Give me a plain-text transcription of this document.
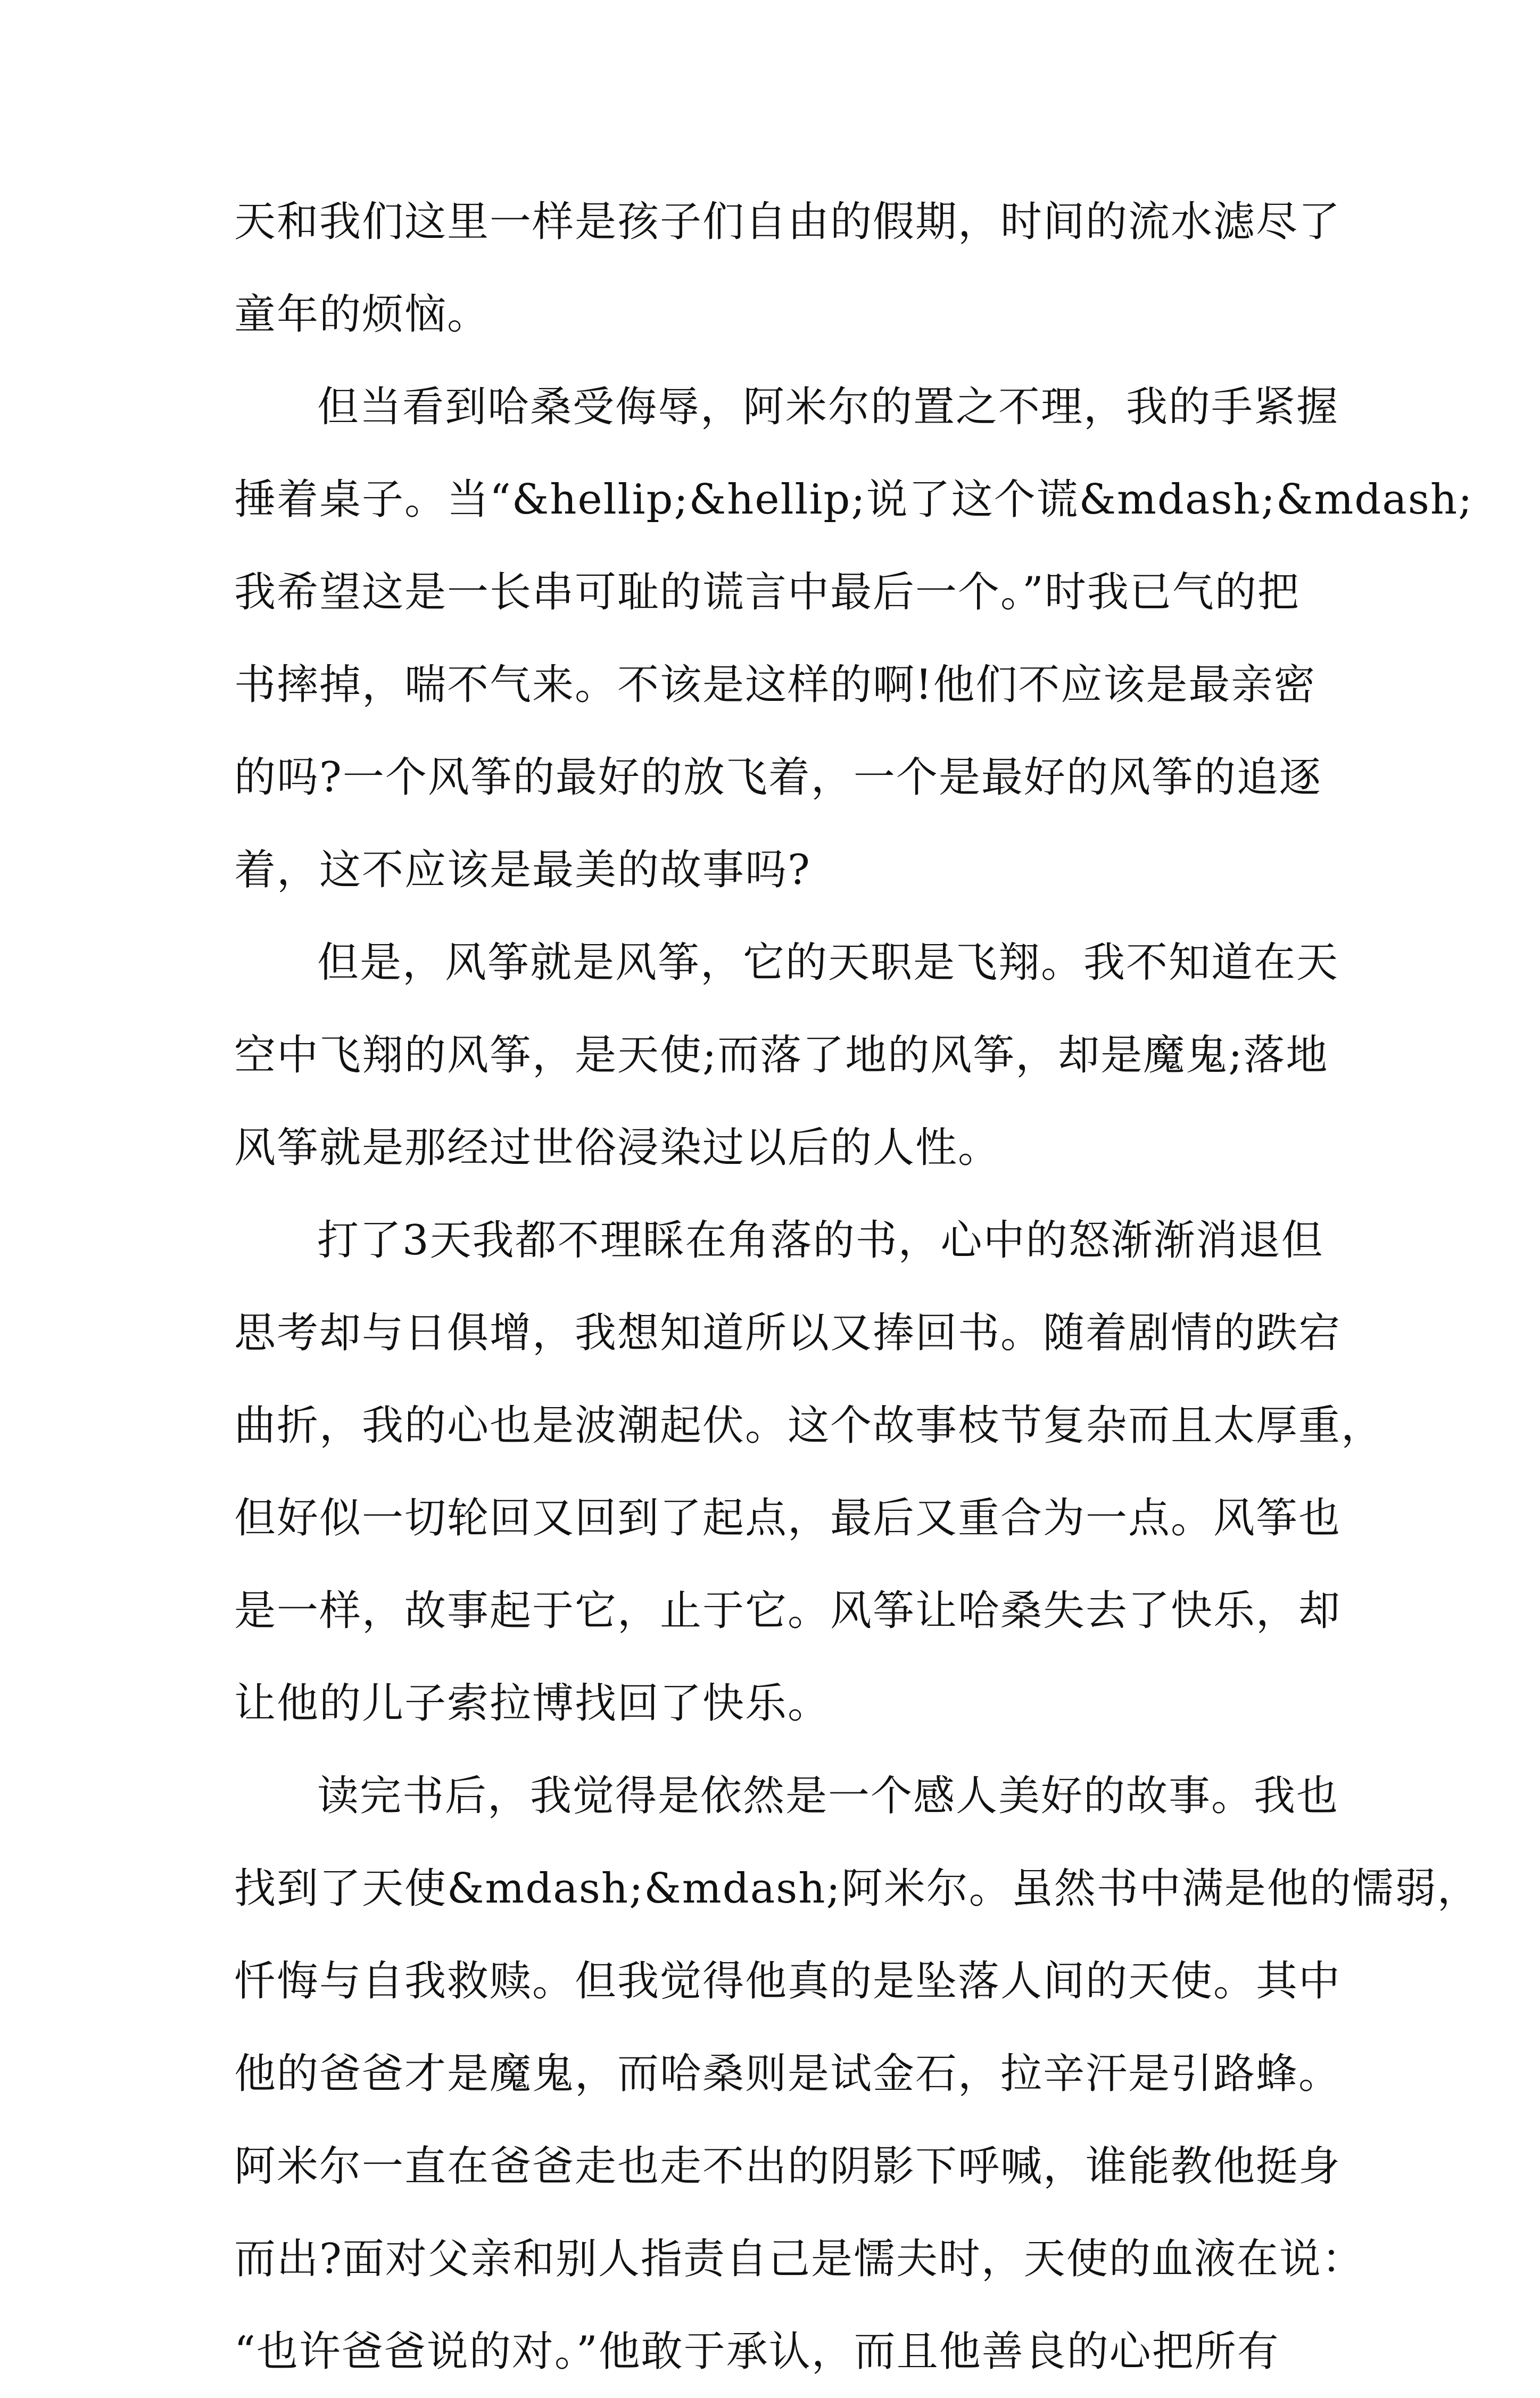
天和我们这里一样是孩子们自由的假期，时间的流水滤尽了
童年的烦恼。
但当看到哈桑受侮辱，阿米尔的置之不理，我的手紧握
捶着桌子。当“&hellip;&hellip;说了这个谎&mdash;&mdash;
我希望这是一长串可耻的谎言中最后一个。”时我已气的把
书摔掉，喘不气来。不该是这样的啊!他们不应该是最亲密
的吗?一个风筝的最好的放飞着，一个是最好的风筝的追逐
着，这不应该是最美的故事吗?
但是，风筝就是风筝，它的天职是飞翔。我不知道在天
空中飞翔的风筝，是天使;而落了地的风筝，却是魔鬼;落地
风筝就是那经过世俗浸染过以后的人性。
打了3天我都不理睬在角落的书，心中的怒渐渐消退但
思考却与日俱增，我想知道所以又捧回书。随着剧情的跌宕
曲折，我的心也是波潮起伏。这个故事枝节复杂而且太厚重，
但好似一切轮回又回到了起点，最后又重合为一点。风筝也
是一样，故事起于它，止于它。风筝让哈桑失去了快乐，却
让他的儿子索拉博找回了快乐。
读完书后，我觉得是依然是一个感人美好的故事。我也
找到了天使&mdash;&mdash;阿米尔。虽然书中满是他的懦弱，
忏悔与自我救赎。但我觉得他真的是坠落人间的天使。其中
他的爸爸才是魔鬼，而哈桑则是试金石，拉辛汗是引路蜂。
阿米尔一直在爸爸走也走不出的阴影下呼喊，谁能教他挺身
而出?面对父亲和别人指责自己是懦夫时，天使的血液在说：
“也许爸爸说的对。”他敢于承认，而且他善良的心把所有
